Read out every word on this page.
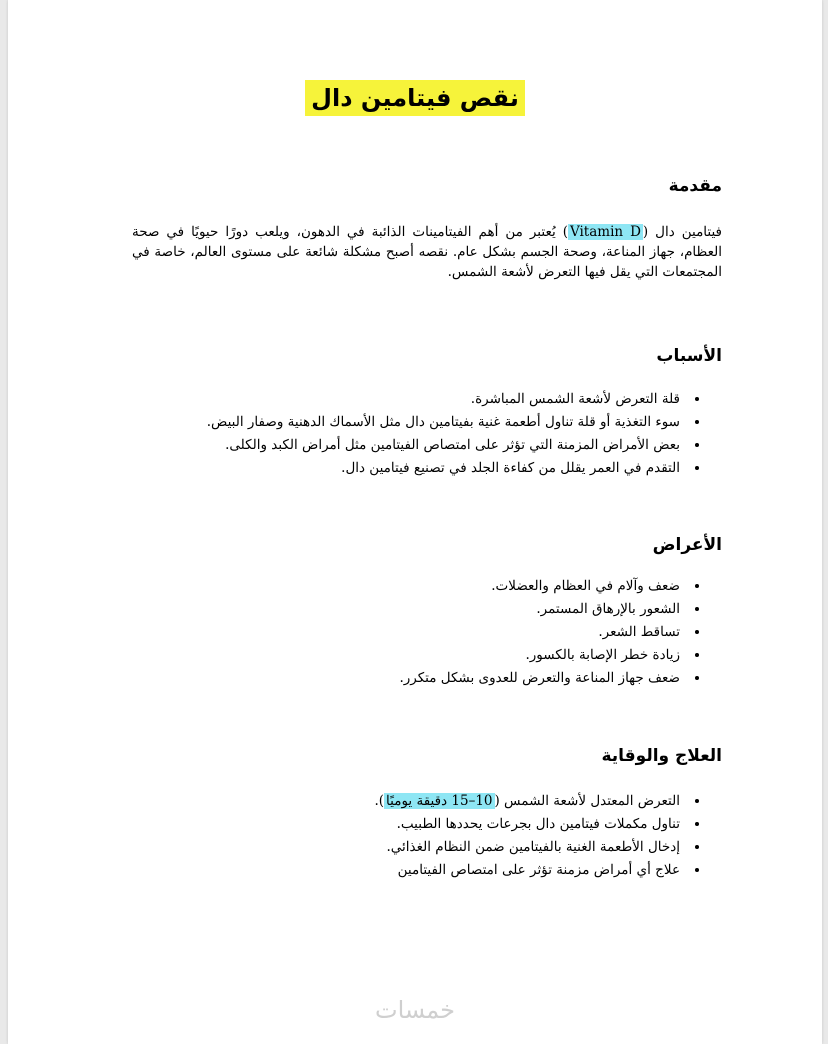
نقص فيتامين دال
مقدمة

فيتامين دال (Vitamin D) يُعتبر من أهم الفيتامينات الذائبة في الدهون، ويلعب دورًا حيويًا في صحة العظام، جهاز المناعة، وصحة الجسم بشكل عام. نقصه أصبح مشكلة شائعة على مستوى العالم، خاصة في المجتمعات التي يقل فيها التعرض لأشعة الشمس.

الأسباب
• قلة التعرض لأشعة الشمس المباشرة.
• سوء التغذية أو قلة تناول أطعمة غنية بفيتامين دال مثل الأسماك الدهنية وصفار البيض.
• بعض الأمراض المزمنة التي تؤثر على امتصاص الفيتامين مثل أمراض الكبد والكلى.
• التقدم في العمر يقلل من كفاءة الجلد في تصنيع فيتامين دال.
الأعراض
• ضعف وآلام في العظام والعضلات.
• الشعور بالإرهاق المستمر.
• تساقط الشعر.
• زيادة خطر الإصابة بالكسور.
• ضعف جهاز المناعة والتعرض للعدوى بشكل متكرر.
العلاج والوقاية
• التعرض المعتدل لأشعة الشمس (10–15 دقيقة يوميًا).
• تناول مكملات فيتامين دال بجرعات يحددها الطبيب.
• إدخال الأطعمة الغنية بالفيتامين ضمن النظام الغذائي.
• علاج أي أمراض مزمنة تؤثر على امتصاص الفيتامين
خمسات
